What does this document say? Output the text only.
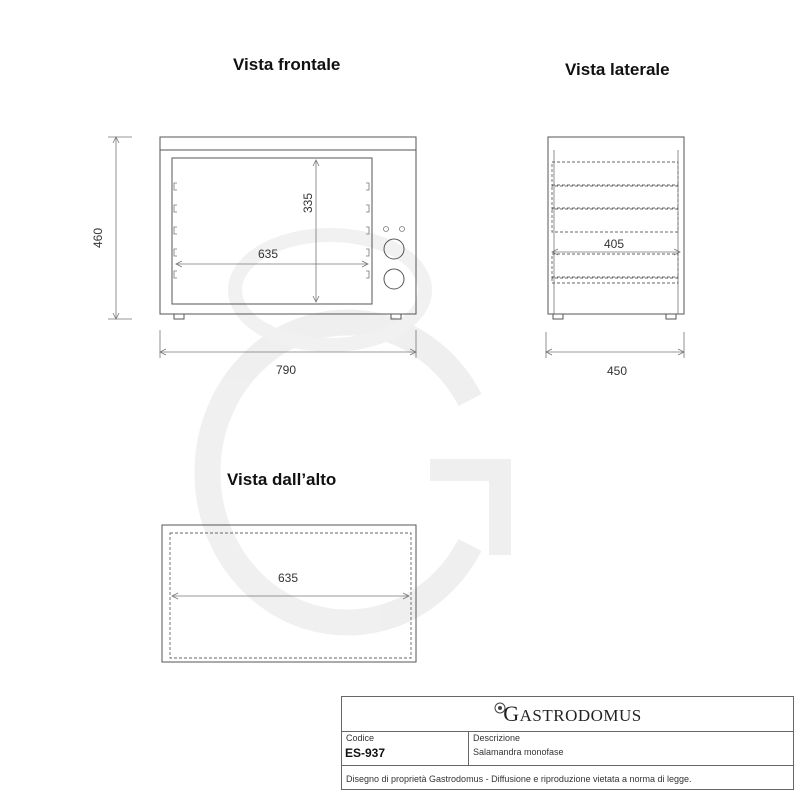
Vista frontale
460
790
335
635
Vista laterale
405
450
Vista dall’alto
635
GASTRODOMUS
Codice
ES-937
Descrizione
Salamandra monofase
Disegno di proprietà Gastrodomus - Diffusione e riproduzione vietata a norma di legge.
